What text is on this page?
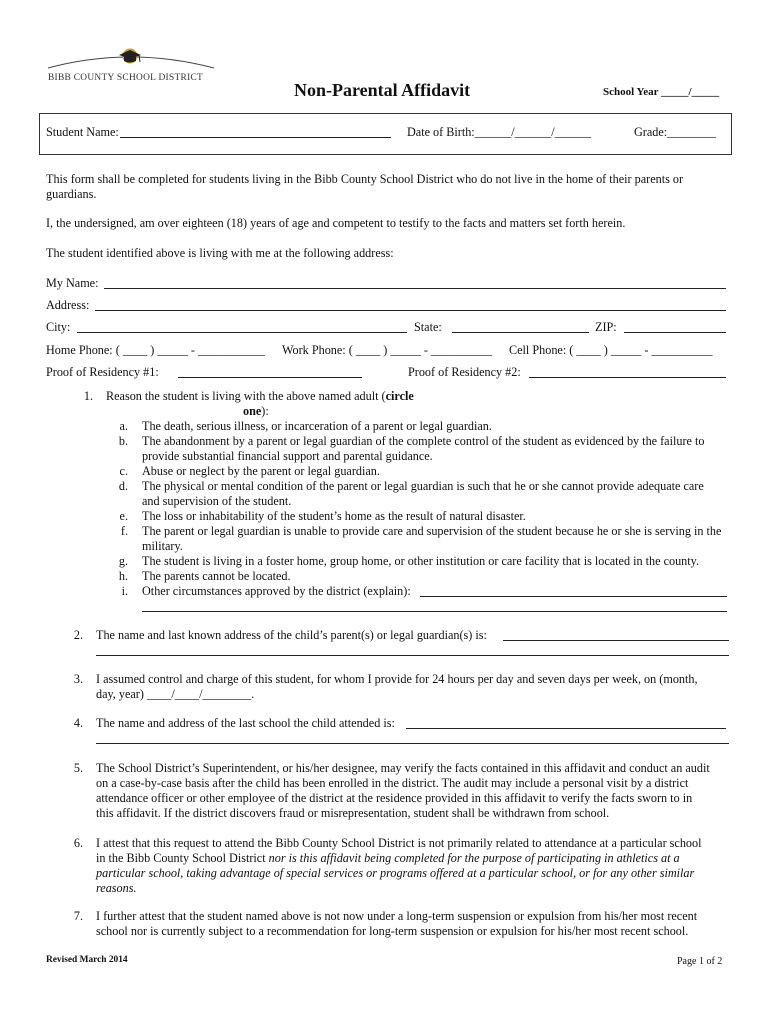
BIBB COUNTY SCHOOL DISTRICT
Non-Parental Affidavit	School Year _____/_____
Student Name:	Date of Birth:______/______/______	Grade:________
This form shall be completed for students living in the Bibb County School District who do not live in the home of their parents or guardians.
I, the undersigned, am over eighteen (18) years of age and competent to testify to the facts and matters set forth herein.
The student identified above is living with me at the following address:
My Name:
Address:
City:	State:	ZIP:
Home Phone: ( ____ ) _____ - ___________ Work Phone: ( ____ ) _____ - __________ Cell Phone: ( ____ ) _____ - __________
Proof of Residency #1:	Proof of Residency #2:
1. Reason the student is living with the above named adult (circle
one):
a. The death, serious illness, or incarceration of a parent or legal guardian.
b. The abandonment by a parent or legal guardian of the complete control of the student as evidenced by the failure to provide substantial financial support and parental guidance.
c. Abuse or neglect by the parent or legal guardian.
d. The physical or mental condition of the parent or legal guardian is such that he or she cannot provide adequate care and supervision of the student.
e. The loss or inhabitability of the student’s home as the result of natural disaster.
f. The parent or legal guardian is unable to provide care and supervision of the student because he or she is serving in the military.
g. The student is living in a foster home, group home, or other institution or care facility that is located in the county.
h. The parents cannot be located.
i. Other circumstances approved by the district (explain):
2. The name and last known address of the child’s parent(s) or legal guardian(s) is:
3. I assumed control and charge of this student, for whom I provide for 24 hours per day and seven days per week, on (month, day, year) ____/____/________.
4. The name and address of the last school the child attended is:
5. The School District’s Superintendent, or his/her designee, may verify the facts contained in this affidavit and conduct an audit on a case-by-case basis after the child has been enrolled in the district. The audit may include a personal visit by a district attendance officer or other employee of the district at the residence provided in this affidavit to verify the facts sworn to in this affidavit. If the district discovers fraud or misrepresentation, student shall be withdrawn from school.
6. I attest that this request to attend the Bibb County School District is not primarily related to attendance at a particular school in the Bibb County School District nor is this affidavit being completed for the purpose of participating in athletics at a particular school, taking advantage of special services or programs offered at a particular school, or for any other similar reasons.
7. I further attest that the student named above is not now under a long-term suspension or expulsion from his/her most recent school nor is currently subject to a recommendation for long-term suspension or expulsion for his/her most recent school.
Revised March 2014	Page 1 of 2
